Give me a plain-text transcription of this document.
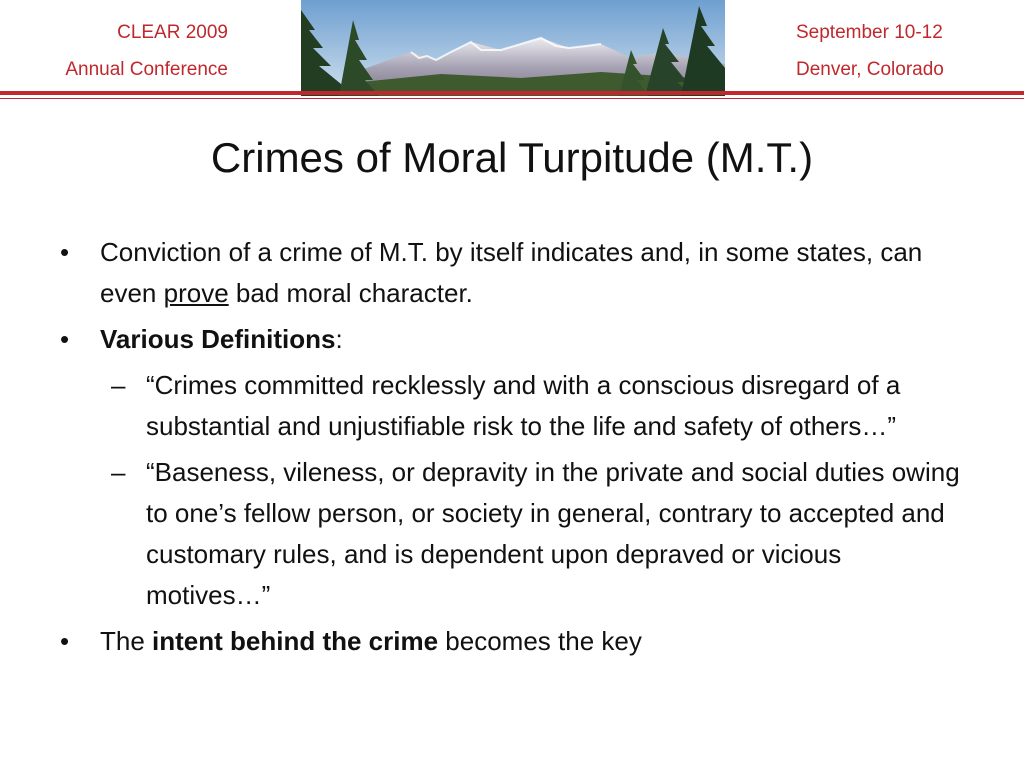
CLEAR 2009
Annual Conference
September 10-12
Denver, Colorado
Crimes of Moral Turpitude (M.T.)
• Conviction of a crime of M.T. by itself indicates and, in some states, can even prove bad moral character.
• Various Definitions:
– “Crimes committed recklessly and with a conscious disregard of a substantial and unjustifiable risk to the life and safety of others…”
– “Baseness, vileness, or depravity in the private and social duties owing to one’s fellow person, or society in general, contrary to accepted and customary rules, and is dependent upon depraved or vicious motives…”
• The intent behind the crime becomes the key
